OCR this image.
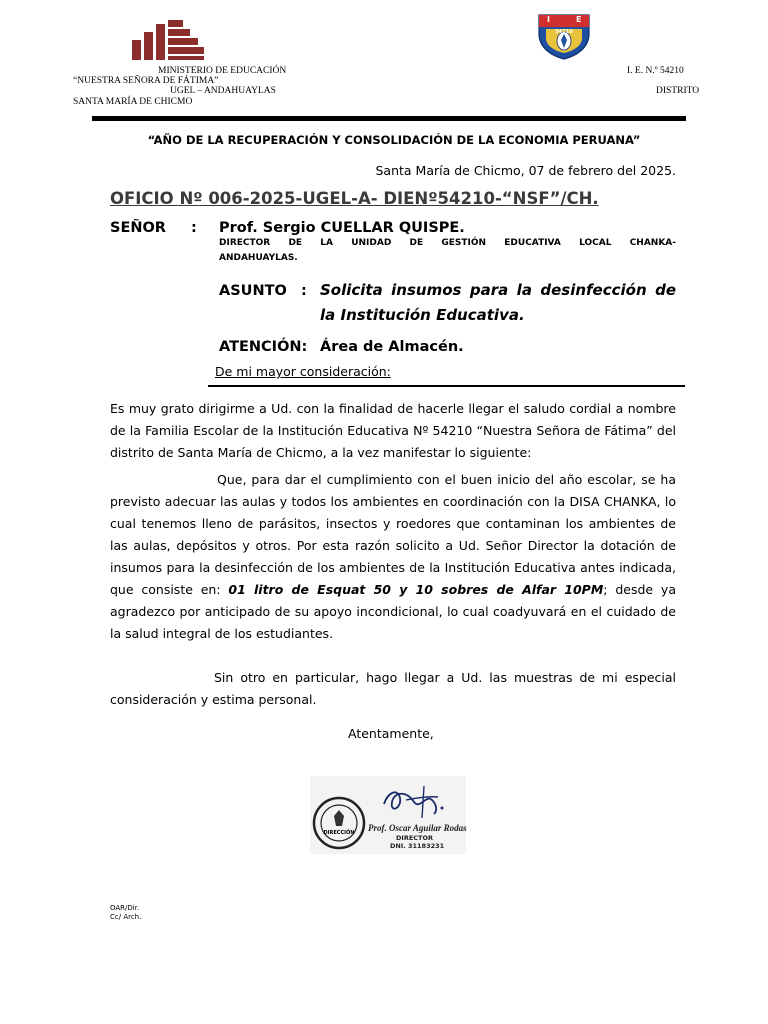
I	E
54210
MINISTERIO DE EDUCACIÓN
“NUESTRA SEÑORA DE FÁTIMA”
UGEL – ANDAHUAYLAS
SANTA MARÍA DE CHICMO
I. E. N.º 54210
DISTRITO
“AÑO DE LA RECUPERACIÓN Y CONSOLIDACIÓN DE LA ECONOMIA PERUANA”
Santa María de Chicmo, 07 de febrero del 2025.
OFICIO Nº 006-2025-UGEL-A- DIENº54210-“NSF”/CH.
SEÑOR : Prof. Sergio CUELLAR QUISPE.
DIRECTOR DE LA UNIDAD DE GESTIÓN EDUCATIVA LOCAL CHANKA-
ANDAHUAYLAS.
ASUNTO : Solicita insumos para la desinfección de
la Institución Educativa.
ATENCIÓN: Área de Almacén.
De mi mayor consideración:
Es muy grato dirigirme a Ud. con la finalidad de hacerle llegar el saludo cordial a nombre de la Familia Escolar de la Institución Educativa Nº 54210 “Nuestra Señora de Fátima” del distrito de Santa María de Chicmo, a la vez manifestar lo siguiente:
Que, para dar el cumplimiento con el buen inicio del año escolar, se ha previsto adecuar las aulas y todos los ambientes en coordinación con la DISA CHANKA, lo cual tenemos lleno de parásitos, insectos y roedores que contaminan los ambientes de las aulas, depósitos y otros. Por esta razón solicito a Ud. Señor Director la dotación de insumos para la desinfección de los ambientes de la Institución Educativa antes indicada, que consiste en: 01 litro de Esquat 50 y 10 sobres de Alfar 10PM; desde ya agradezco por anticipado de su apoyo incondicional, lo cual coadyuvará en el cuidado de la salud integral de los estudiantes.
Sin otro en particular, hago llegar a Ud. las muestras de mi especial consideración y estima personal.
Atentamente,
DIRECCIÓN	Prof. Oscar Aguilar Rodas
DIRECTOR
DNI. 31183231
OAR/Dir.
Cc/ Arch.
